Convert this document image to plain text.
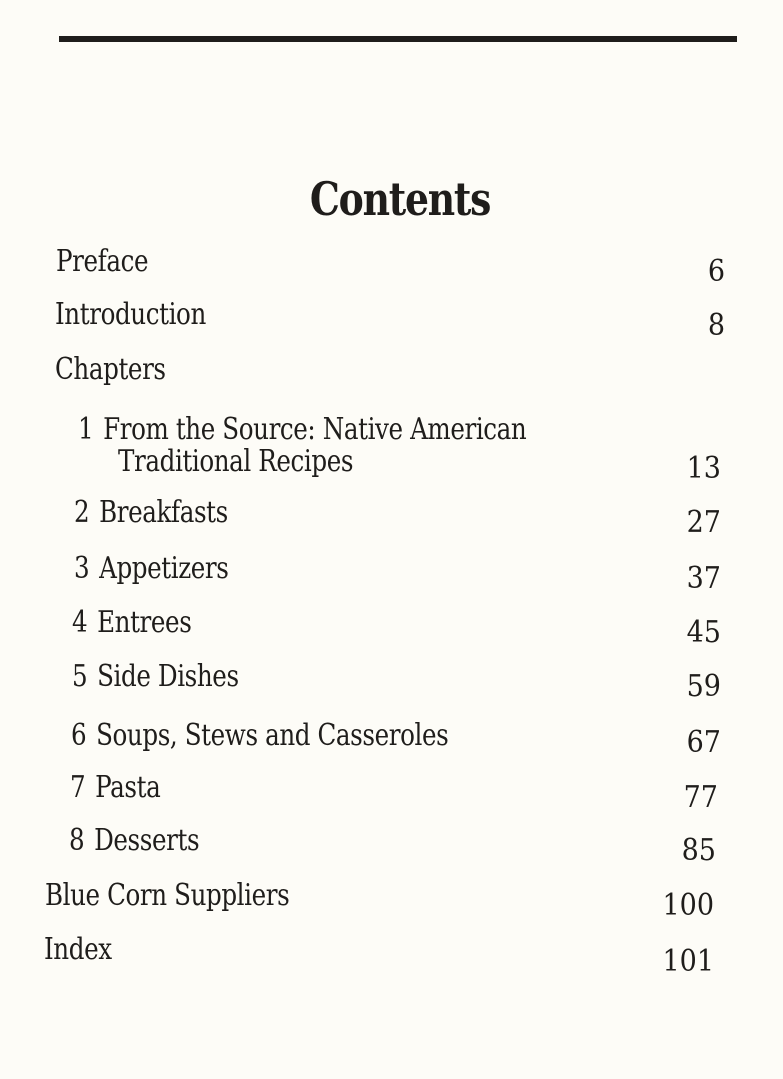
Contents
Preface	6
Introduction	8
Chapters
1 From the Source: Native American
Traditional Recipes	13
2 Breakfasts	27
3 Appetizers	37
4 Entrees	45
5 Side Dishes	59
6 Soups, Stews and Casseroles	67
7 Pasta	77
8 Desserts	85
Blue Corn Suppliers	100
Index	101
